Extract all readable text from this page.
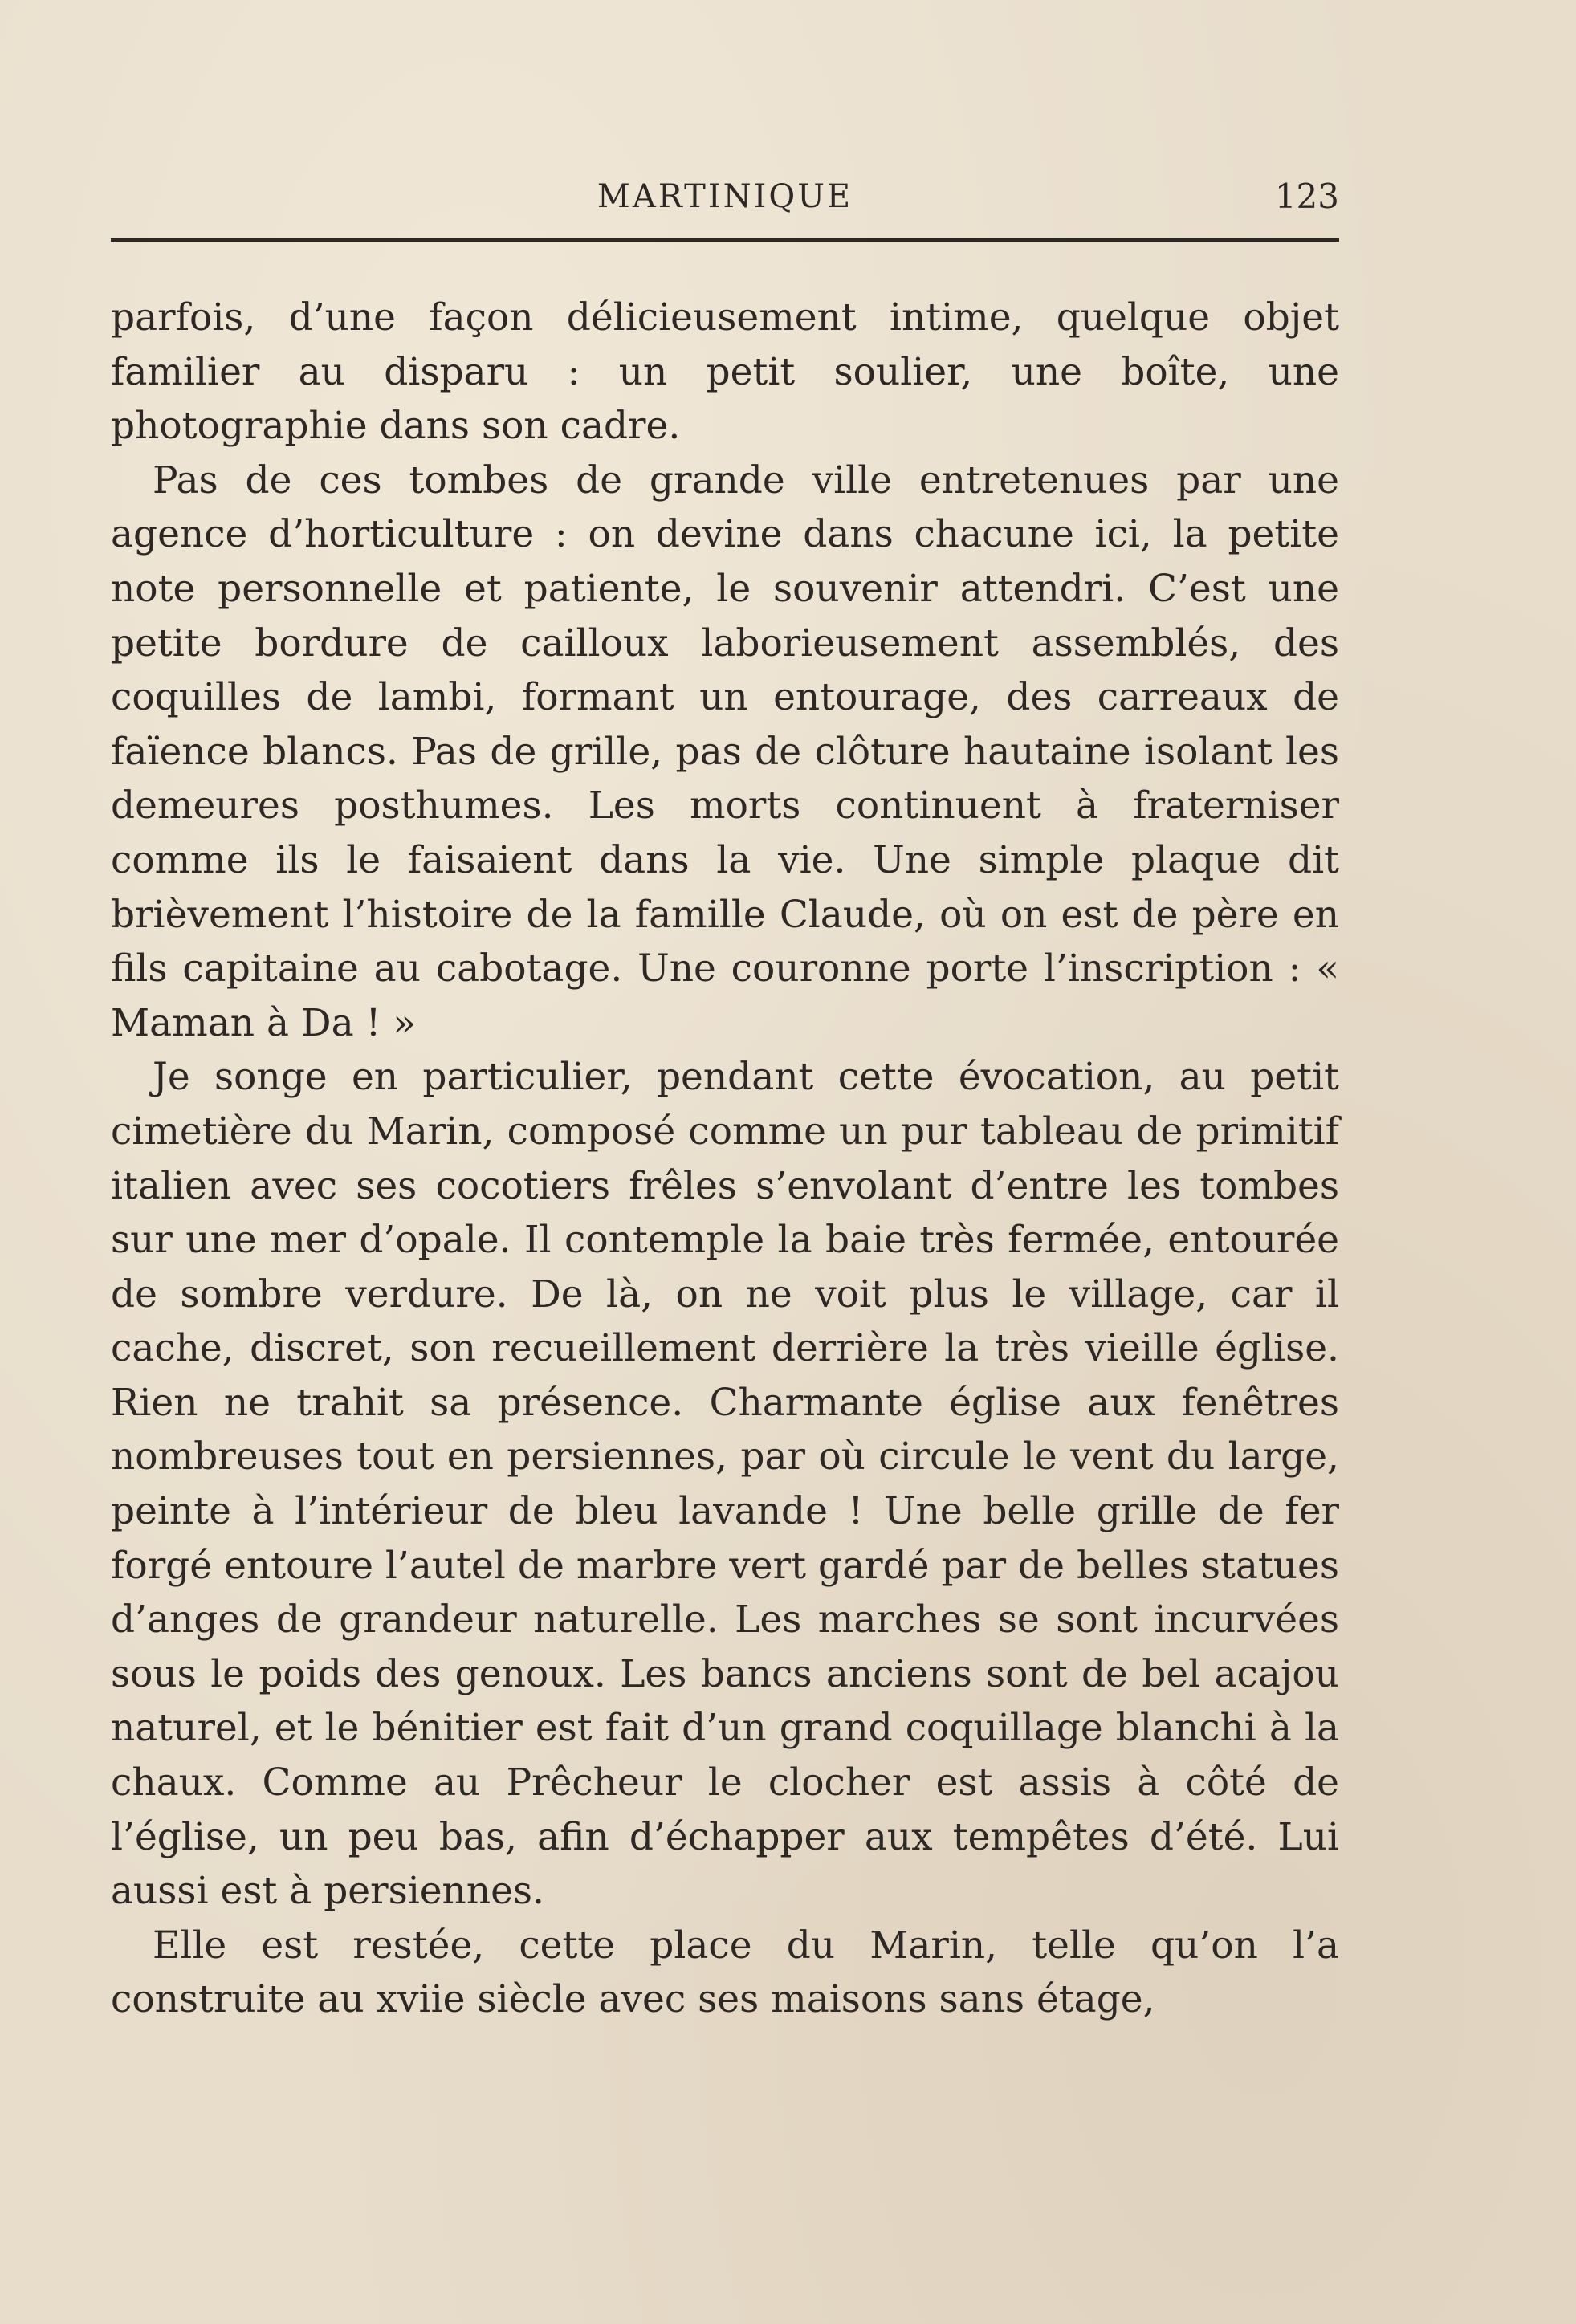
MARTINIQUE	123

parfois, d’une façon délicieusement intime, quelque objet familier au disparu : un petit soulier, une boîte, une photographie dans son cadre.

Pas de ces tombes de grande ville entretenues par une agence d’horticulture : on devine dans chacune ici, la petite note personnelle et patiente, le souvenir attendri. C’est une petite bordure de cailloux laborieusement assemblés, des coquilles de lambi, formant un entourage, des carreaux de faïence blancs. Pas de grille, pas de clôture hautaine isolant les demeures posthumes. Les morts continuent à fraterniser comme ils le faisaient dans la vie. Une simple plaque dit brièvement l’histoire de la famille Claude, où on est de père en fils capitaine au cabotage. Une couronne porte l’inscription : « Maman à Da ! »

Je songe en particulier, pendant cette évocation, au petit cimetière du Marin, composé comme un pur tableau de primitif italien avec ses cocotiers frêles s’envolant d’entre les tombes sur une mer d’opale. Il contemple la baie très fermée, entourée de sombre verdure. De là, on ne voit plus le village, car il cache, discret, son recueillement derrière la très vieille église. Rien ne trahit sa présence. Charmante église aux fenêtres nombreuses tout en persiennes, par où circule le vent du large, peinte à l’intérieur de bleu lavande ! Une belle grille de fer forgé entoure l’autel de marbre vert gardé par de belles statues d’anges de grandeur naturelle. Les marches se sont incurvées sous le poids des genoux. Les bancs anciens sont de bel acajou naturel, et le bénitier est fait d’un grand coquillage blanchi à la chaux. Comme au Prêcheur le clocher est assis à côté de l’église, un peu bas, afin d’échapper aux tempêtes d’été. Lui aussi est à persiennes.

Elle est restée, cette place du Marin, telle qu’on l’a construite au xviie siècle avec ses maisons sans étage,
